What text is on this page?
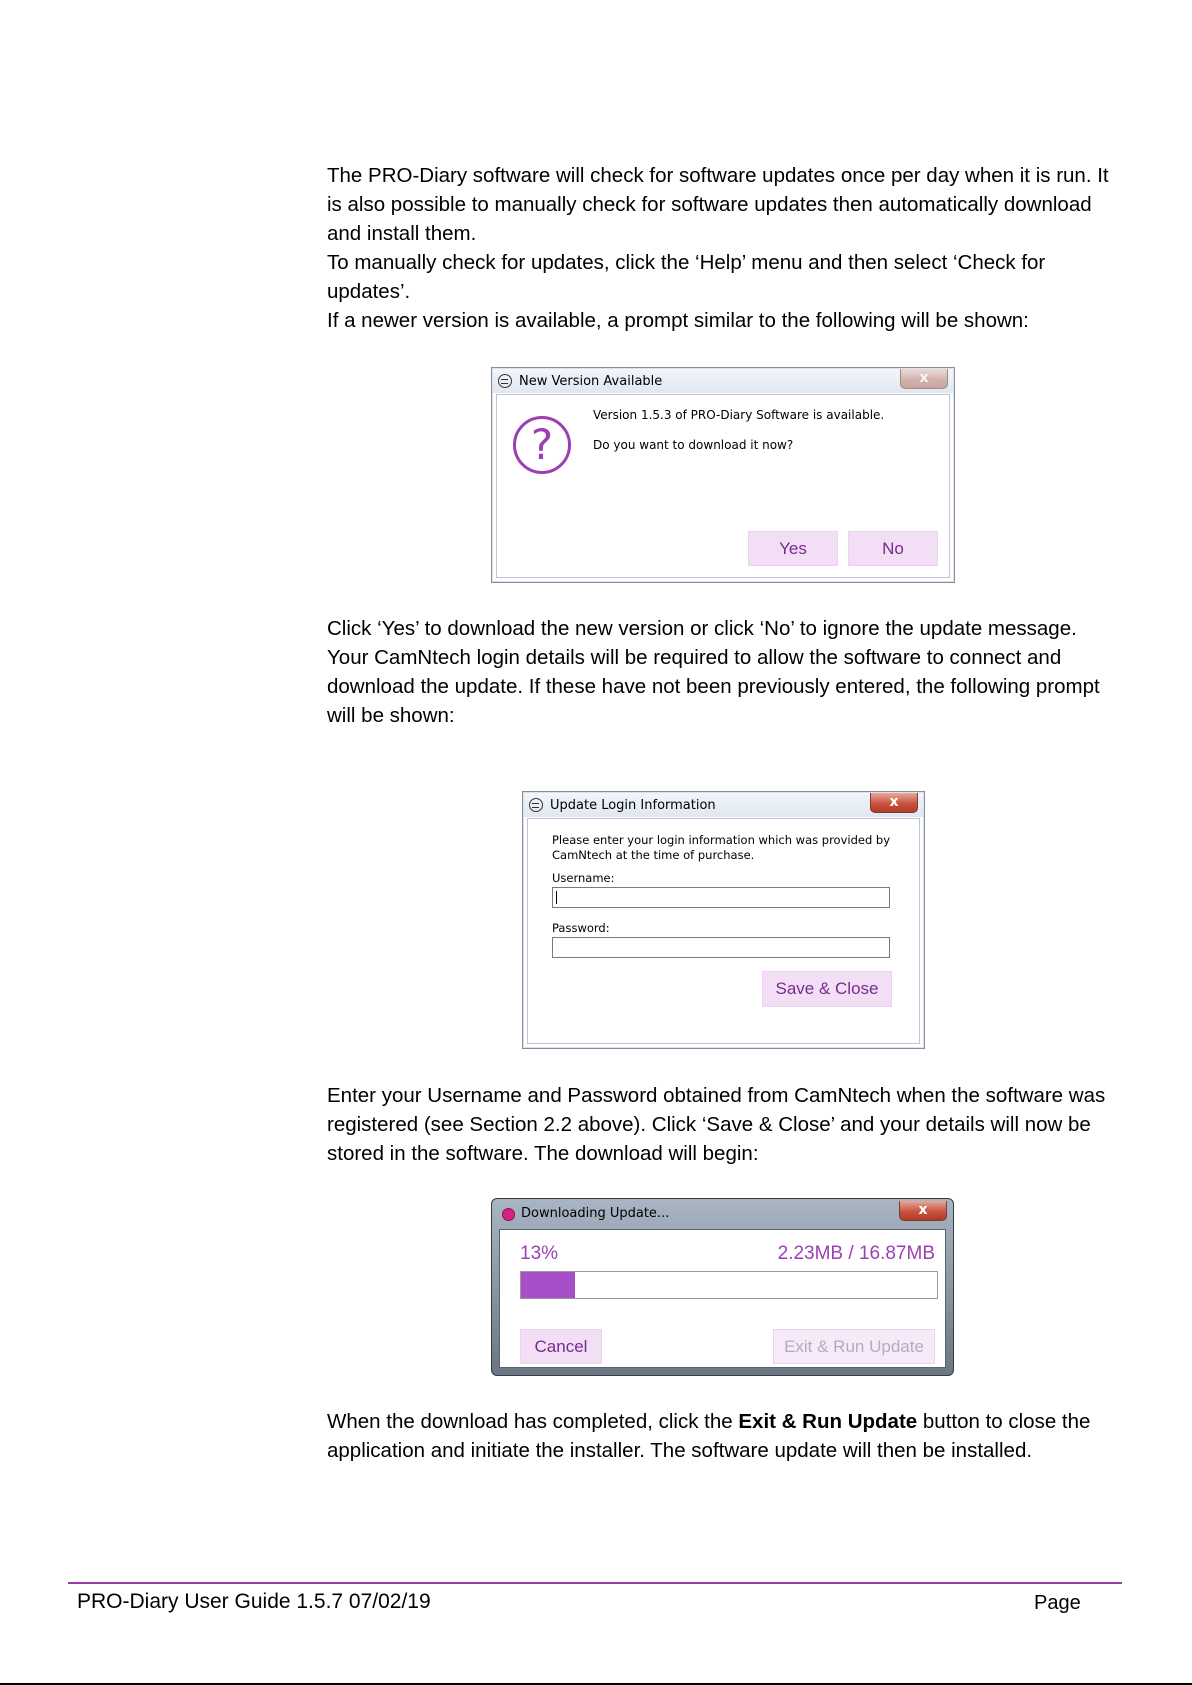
The PRO-Diary software will check for software updates once per day when it is run. It is also possible to manually check for software updates then automatically download and install them.

To manually check for updates, click the ‘Help’ menu and then select ‘Check for updates’.

If a newer version is available, a prompt similar to the following will be shown:

New Version Available	x
?
Version 1.5.3 of PRO-Diary Software is available.
Do you want to download it now?
Yes	No

Click ‘Yes’ to download the new version or click ‘No’ to ignore the update message.

Your CamNtech login details will be required to allow the software to connect and download the update. If these have not been previously entered, the following prompt will be shown:

Update Login Information	x
Please enter your login information which was provided by
CamNtech at the time of purchase.
Username:
Password:
Save & Close

Enter your Username and Password obtained from CamNtech when the software was registered (see Section 2.2 above). Click ‘Save & Close’ and your details will now be stored in the software. The download will begin:

Downloading Update...	x
13%	2.23MB / 16.87MB
Cancel	Exit & Run Update

When the download has completed, click the Exit & Run Update button to close the application and initiate the installer. The software update will then be installed.

PRO-Diary User Guide 1.5.7 07/02/19	Page
